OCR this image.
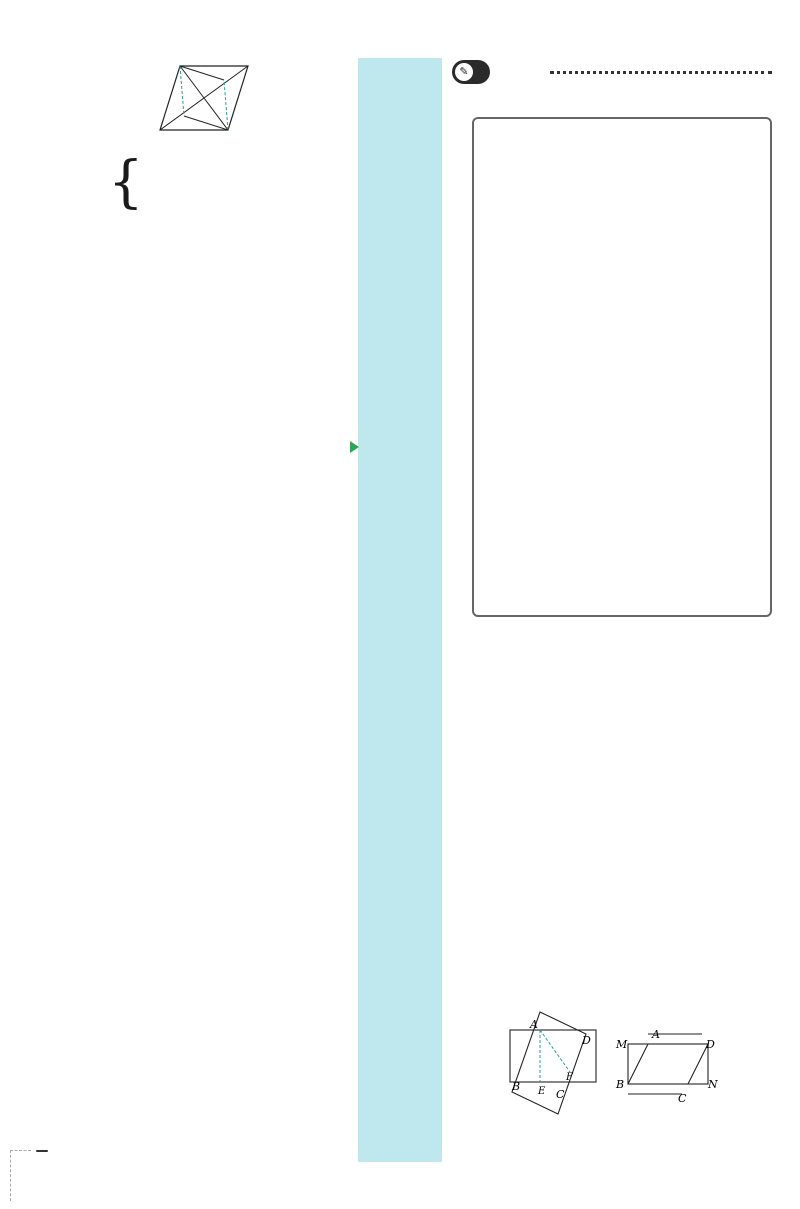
{
✎
A
B
C
D
E
F
M
A
D
B
C
N
